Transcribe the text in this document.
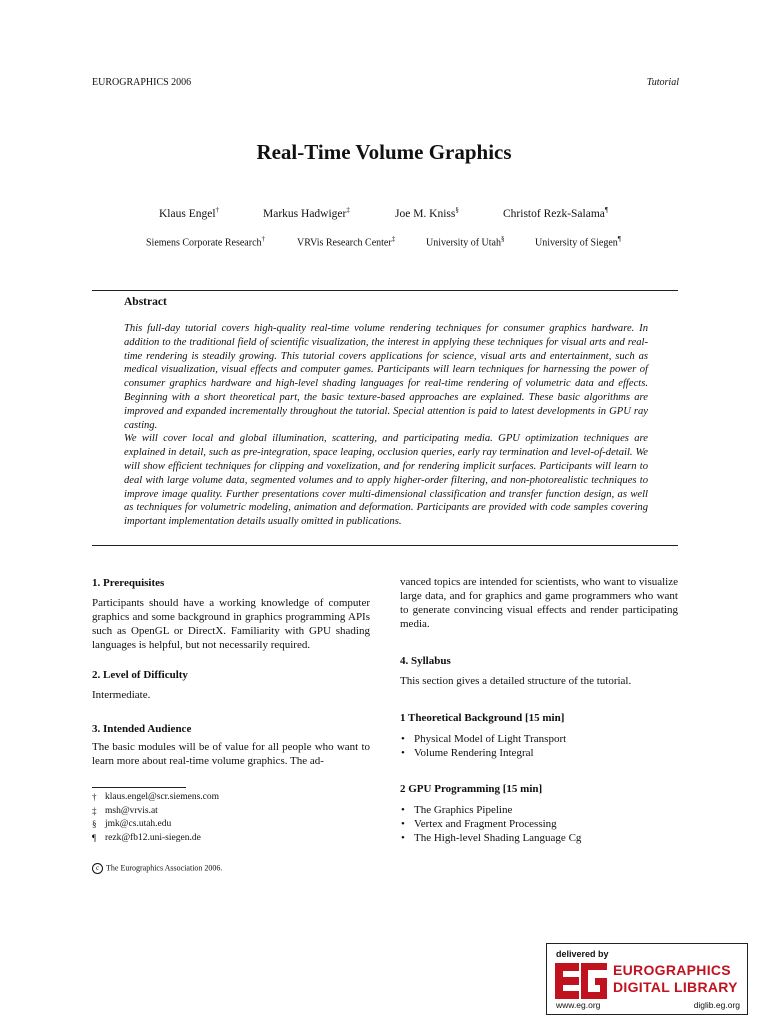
EUROGRAPHICS 2006	Tutorial
Real-Time Volume Graphics
Klaus Engel†	Markus Hadwiger‡	Joe M. Kniss§	Christof Rezk-Salama¶
Siemens Corporate Research†	VRVis Research Center‡	University of Utah§	University of Siegen¶
Abstract

This full-day tutorial covers high-quality real-time volume rendering techniques for consumer graphics hardware. In addition to the traditional field of scientific visualization, the interest in applying these techniques for visual arts and real-time rendering is steadily growing. This tutorial covers applications for science, visual arts and entertainment, such as medical visualization, visual effects and computer games. Participants will learn techniques for harnessing the power of consumer graphics hardware and high-level shading languages for real-time rendering of volumetric data and effects. Beginning with a short theoretical part, the basic texture-based approaches are explained. These basic algorithms are improved and expanded incrementally throughout the tutorial. Special attention is paid to latest developments in GPU ray casting.

We will cover local and global illumination, scattering, and participating media. GPU optimization techniques are explained in detail, such as pre-integration, space leaping, occlusion queries, early ray termination and level-of-detail. We will show efficient techniques for clipping and voxelization, and for rendering implicit surfaces. Participants will learn to deal with large volume data, segmented volumes and to apply higher-order filtering, and non-photorealistic techniques to improve image quality. Further presentations cover multi-dimensional classification and transfer function design, as well as techniques for volumetric modeling, animation and deformation. Participants are provided with code samples covering important implementation details usually omitted in publications.

1. Prerequisites

Participants should have a working knowledge of computer graphics and some background in graphics programming APIs such as OpenGL or DirectX. Familiarity with GPU shading languages is helpful, but not necessarily required.

2. Level of Difficulty

Intermediate.

3. Intended Audience

The basic modules will be of value for all people who want to learn more about real-time volume graphics. The ad-

† klaus.engel@scr.siemens.com
‡ msh@vrvis.at
§ jmk@cs.utah.edu
¶ rezk@fb12.uni-siegen.de
c The Eurographics Association 2006.

vanced topics are intended for scientists, who want to visualize large data, and for graphics and game programmers who want to generate convincing visual effects and render participating media.

4. Syllabus

This section gives a detailed structure of the tutorial.

1 Theoretical Background [15 min]
• Physical Model of Light Transport
• Volume Rendering Integral
2 GPU Programming [15 min]
• The Graphics Pipeline
• Vertex and Fragment Processing
• The High-level Shading Language Cg
delivered by
EUROGRAPHICS
DIGITAL LIBRARY
www.eg.org	diglib.eg.org
